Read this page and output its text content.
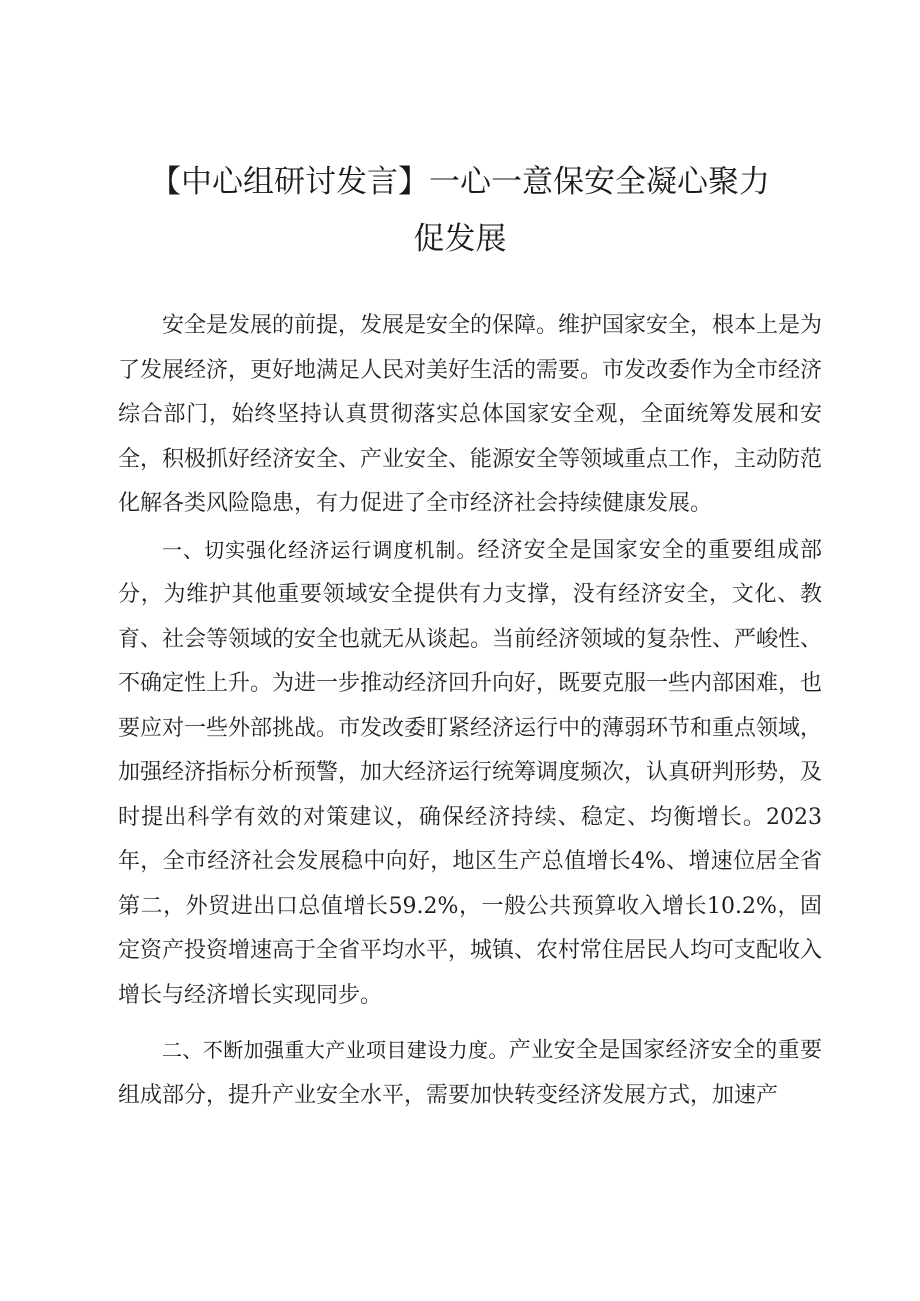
【中心组研讨发言】一心一意保安全凝心聚力
促发展

安全是发展的前提，发展是安全的保障。维护国家安全，根本上是为了发展经济，更好地满足人民对美好生活的需要。市发改委作为全市经济综合部门，始终坚持认真贯彻落实总体国家安全观，全面统筹发展和安全，积极抓好经济安全、产业安全、能源安全等领域重点工作，主动防范化解各类风险隐患，有力促进了全市经济社会持续健康发展。

一、切实强化经济运行调度机制。经济安全是国家安全的重要组成部分，为维护其他重要领域安全提供有力支撑，没有经济安全，文化、教育、社会等领域的安全也就无从谈起。当前经济领域的复杂性、严峻性、不确定性上升。为进一步推动经济回升向好，既要克服一些内部困难，也要应对一些外部挑战。市发改委盯紧经济运行中的薄弱环节和重点领域，加强经济指标分析预警，加大经济运行统筹调度频次，认真研判形势，及时提出科学有效的对策建议，确保经济持续、稳定、均衡增长。2023年，全市经济社会发展稳中向好，地区生产总值增长4%、增速位居全省第二，外贸进出口总值增长59.2%，一般公共预算收入增长10.2%，固定资产投资增速高于全省平均水平，城镇、农村常住居民人均可支配收入增长与经济增长实现同步。

二、不断加强重大产业项目建设力度。产业安全是国家经济安全的重要组成部分，提升产业安全水平，需要加快转变经济发展方式，加速产
